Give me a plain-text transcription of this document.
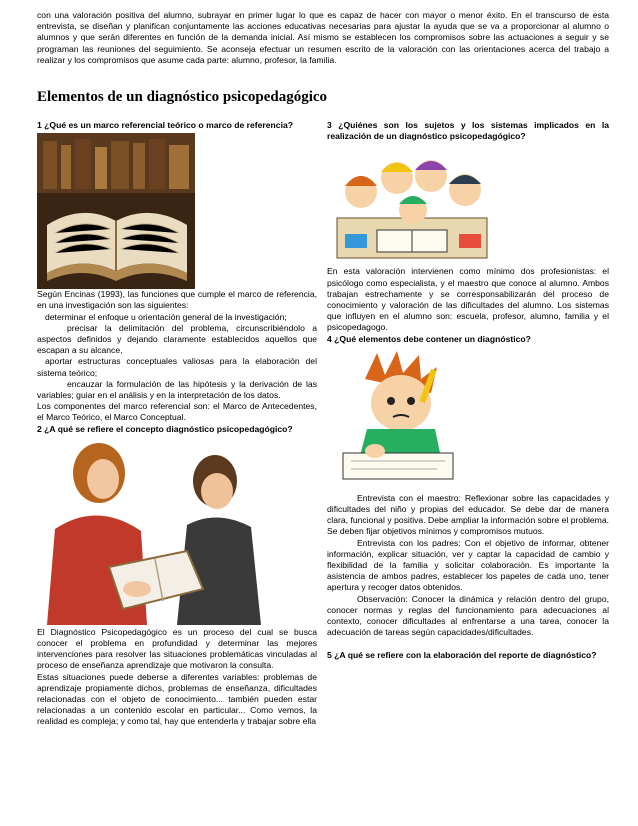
con una valoración positiva del alumno, subrayar en primer lugar lo que es capaz de hacer con mayor o menor éxito. En el transcurso de esta entrevista, se diseñan y planifican conjuntamente las acciones educativas necesarias para ajustar la ayuda que se va a proporcionar al alumno o alumnos y que serán diferentes en función de la demanda inicial. Así mismo se establecen los compromisos sobre las actuaciones a seguir y se programan las reuniones del seguimiento. Se aconseja efectuar un resumen escrito de la valoración con las orientaciones acerca del trabajo a realizar y los compromisos que asume cada parte: alumno, profesor, la familia.

Elementos de un diagnóstico psicopedagógico

1 ¿Qué es un marco referencial teórico o marco de referencia?

Según Encinas (1993), las funciones que cumple el marco de referencia, en una investigación son las siguientes:

determinar el enfoque u orientación general de la investigación;

precisar la delimitación del problema, circunscribiéndolo a aspectos definidos y dejando claramente establecidos aquellos que escapan a su alcance,

aportar estructuras conceptuales valiosas para la elaboración del sistema teórico;

encauzar la formulación de las hipótesis y la derivación de las variables; guiar en el análisis y en la interpretación de los datos.

Los componentes del marco referencial son: el Marco de Antecedentes, el Marco Teórico, el Marco Conceptual.

2 ¿A qué se refiere el concepto diagnóstico psicopedagógico?

El Diagnóstico Psicopedagógico es un proceso del cual se busca conocer el problema en profundidad y determinar las mejores intervenciones para resolver las situaciones problemáticas vinculadas al proceso de enseñanza aprendizaje que motivaron la consulta.

Estas situaciones puede deberse a diferentes variables: problemas de aprendizaje propiamente dichos, problemas de enseñanza, dificultades relacionadas con el objeto de conocimiento... también pueden estar relacionadas a un contenido escolar en particular... Como vemos, la realidad es compleja; y como tal, hay que entenderla y trabajar sobre ella

3 ¿Quiénes son los sujetos y los sistemas implicados en la realización de un diagnóstico psicopedagógico?

En esta valoración intervienen como mínimo dos profesionistas: el psicólogo como especialista, y el maestro que conoce al alumno. Ambos trabajan estrechamente y se corresponsabilizarán del proceso de conocimiento y valoración de las dificultades del alumno. Los sistemas que influyen en el alumno son: escuela, profesor, alumno, familia y el psicopedagogo.

4 ¿Qué elementos debe contener un diagnóstico?

Entrevista con el maestro: Reflexionar sobre las capacidades y dificultades del niño y propias del educador. Se debe dar de manera clara, funcional y positiva. Debe ampliar la información sobre el problema. Se deben fijar objetivos mínimos y compromisos mutuos.

Entrevista con los padres: Con el objetivo de informar, obtener información, explicar situación, ver y captar la capacidad de cambio y flexibilidad de la familia y solicitar colaboración. Es importante la asistencia de ambos padres, establecer los papeles de cada uno, tener apertura y recoger datos obtenidos.

Observación: Conocer la dinámica y relación dentro del grupo, conocer normas y reglas del funcionamiento para adecuaciones al contexto, conocer dificultades al enfrentarse a una tarea, conocer la adecuación de tareas según capacidades/dificultades.

5 ¿A qué se refiere con la elaboración del reporte de diagnóstico?
